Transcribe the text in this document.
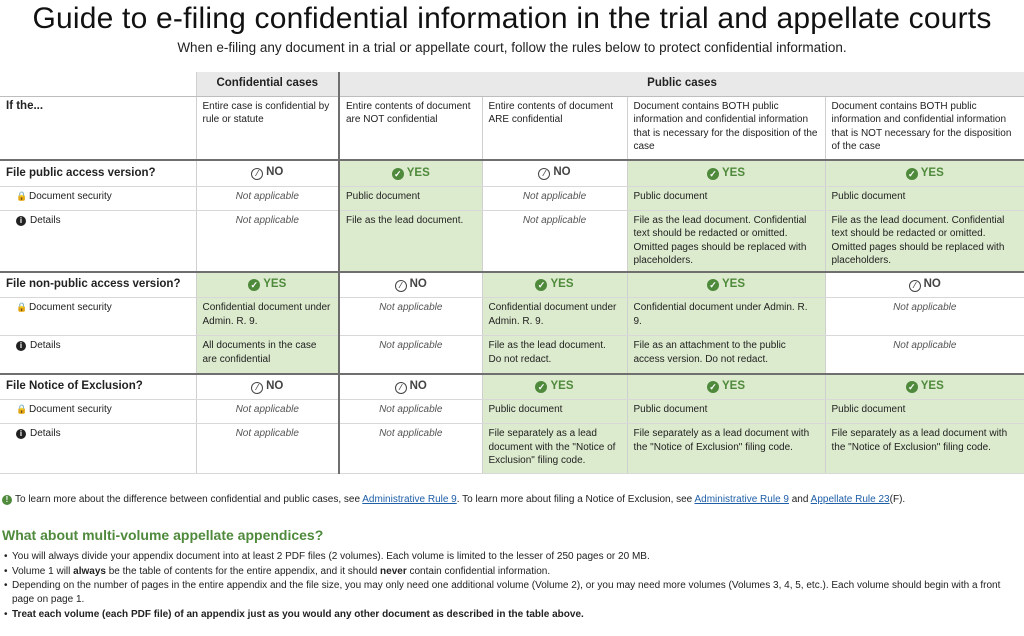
Guide to e-filing confidential information in the trial and appellate courts
When e-filing any document in a trial or appellate court, follow the rules below to protect confidential information.
	Confidential cases	Public cases			
If the...	Entire case is confidential by rule or statute	Entire contents of document are NOT confidential	Entire contents of document ARE confidential	Document contains BOTH public information and confidential information that is necessary for the disposition of the case	Document contains BOTH public information and confidential information that is NOT necessary for the disposition of the case
File public access version?	⁄ NO	✓ YES	⁄ NO	✓ YES	✓ YES
🔒 Document security	Not applicable	Public document	Not applicable	Public document	Public document
i Details	Not applicable	File as the lead document.	Not applicable	File as the lead document. Confidential text should be redacted or omitted. Omitted pages should be replaced with placeholders.	File as the lead document. Confidential text should be redacted or omitted. Omitted pages should be replaced with placeholders.
File non-public access version?	✓ YES	⁄ NO	✓ YES	✓ YES	⁄ NO
🔒 Document security	Confidential document under Admin. R. 9.	Not applicable	Confidential document under Admin. R. 9.	Confidential document under Admin. R. 9.	Not applicable
i Details	All documents in the case are confidential	Not applicable	File as the lead document. Do not redact.	File as an attachment to the public access version. Do not redact.	Not applicable
File Notice of Exclusion?	⁄ NO	⁄ NO	✓ YES	✓ YES	✓ YES
🔒 Document security	Not applicable	Not applicable	Public document	Public document	Public document
i Details	Not applicable	Not applicable	File separately as a lead document with the "Notice of Exclusion" filing code.	File separately as a lead document with the "Notice of Exclusion" filing code.	File separately as a lead document with the "Notice of Exclusion" filing code.
! To learn more about the difference between confidential and public cases, see Administrative Rule 9. To learn more about filing a Notice of Exclusion, see Administrative Rule 9 and Appellate Rule 23(F).
What about multi-volume appellate appendices?
• You will always divide your appendix document into at least 2 PDF files (2 volumes). Each volume is limited to the lesser of 250 pages or 20 MB.
• Volume 1 will always be the table of contents for the entire appendix, and it should never contain confidential information.
• Depending on the number of pages in the entire appendix and the file size, you may only need one additional volume (Volume 2), or you may need more volumes (Volumes 3, 4, 5, etc.). Each volume should begin with a front page on page 1.
• Treat each volume (each PDF file) of an appendix just as you would any other document as described in the table above.
